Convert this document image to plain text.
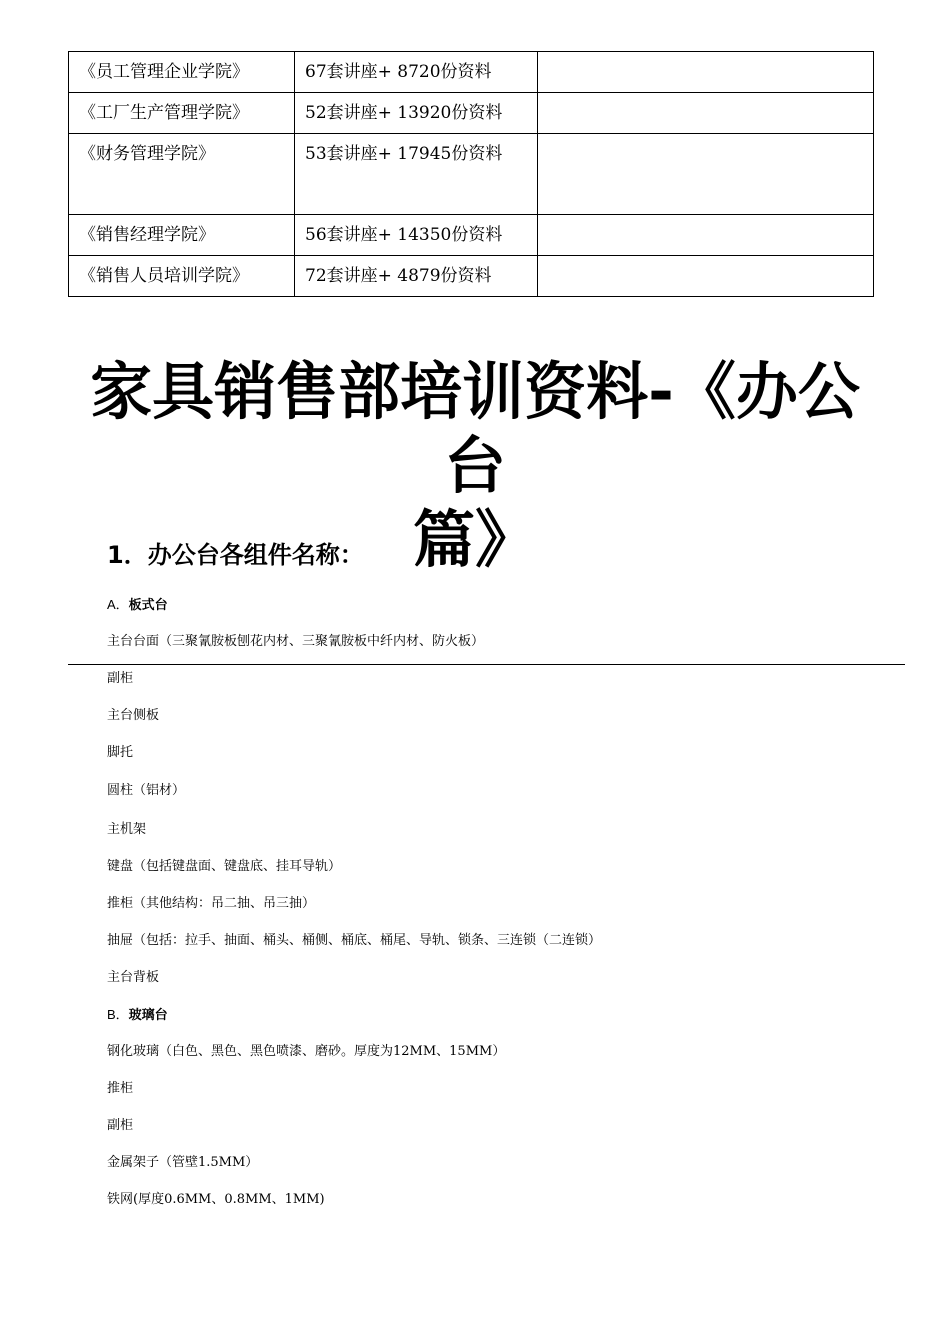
《员工管理企业学院》	67套讲座+ 8720份资料	
《工厂生产管理学院》	52套讲座+ 13920份资料	
《财务管理学院》	53套讲座+ 17945份资料	

《销售经理学院》	56套讲座+ 14350份资料	
《销售人员培训学院》	72套讲座+ 4879份资料	
家具销售部培训资料-《办公台
篇》
1．办公台各组件名称：

A．板式台

主台台面（三聚氰胺板刨花内材、三聚氰胺板中纤内材、防火板）

副柜

主台侧板

脚托

圆柱（铝材）

主机架

键盘（包括键盘面、键盘底、挂耳导轨）

推柜（其他结构：吊二抽、吊三抽）

抽屉（包括：拉手、抽面、桶头、桶侧、桶底、桶尾、导轨、锁条、三连锁（二连锁）

主台背板

B．玻璃台

钢化玻璃（白色、黑色、黑色喷漆、磨砂。厚度为12MM、15MM）

推柜

副柜

金属架子（管壁1.5MM）

铁网(厚度0.6MM、0.8MM、1MM)
